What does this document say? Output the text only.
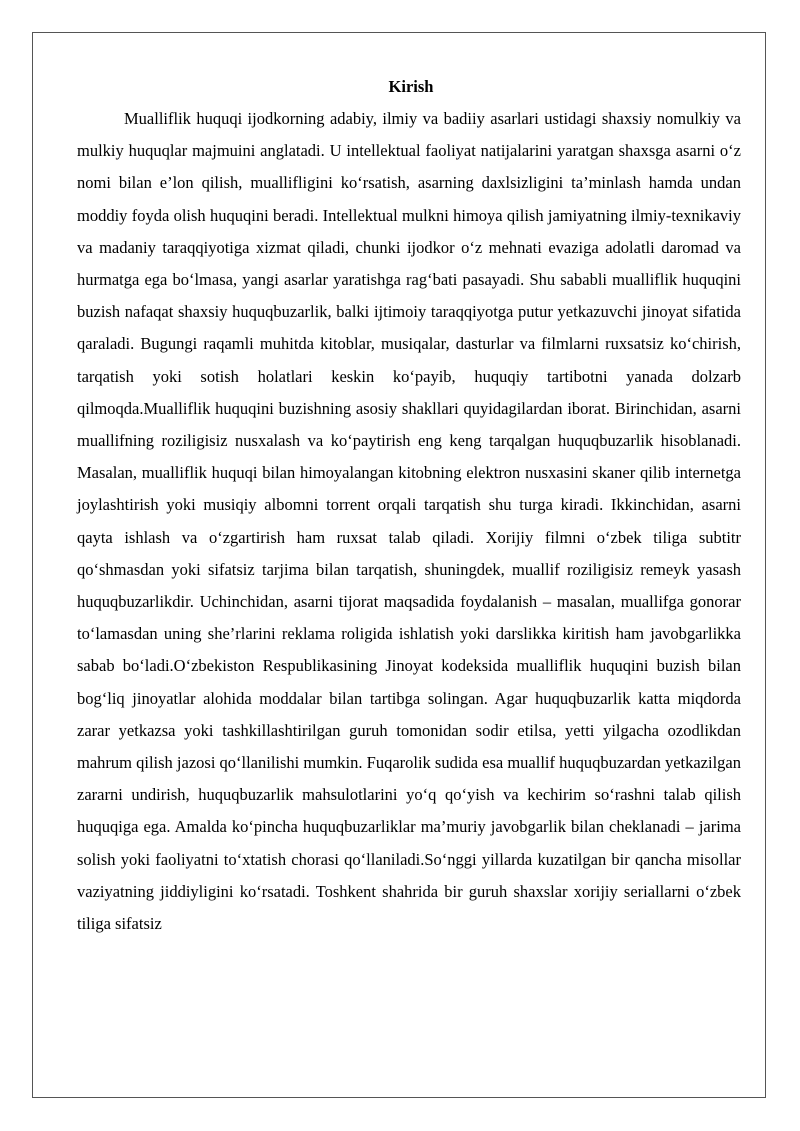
Kirish

Mualliflik huquqi ijodkorning adabiy, ilmiy va badiiy asarlari ustidagi shaxsiy nomulkiy va mulkiy huquqlar majmuini anglatadi. U intellektual faoliyat natijalarini yaratgan shaxsga asarni o‘z nomi bilan e’lon qilish, muallifligini ko‘rsatish, asarning daxlsizligini ta’minlash hamda undan moddiy foyda olish huquqini beradi. Intellektual mulkni himoya qilish jamiyatning ilmiy-texnikaviy va madaniy taraqqiyotiga xizmat qiladi, chunki ijodkor o‘z mehnati evaziga adolatli daromad va hurmatga ega bo‘lmasa, yangi asarlar yaratishga rag‘bati pasayadi. Shu sababli mualliflik huquqini buzish nafaqat shaxsiy huquqbuzarlik, balki ijtimoiy taraqqiyotga putur yetkazuvchi jinoyat sifatida qaraladi. Bugungi raqamli muhitda kitoblar, musiqalar, dasturlar va filmlarni ruxsatsiz ko‘chirish, tarqatish yoki sotish holatlari keskin ko‘payib, huquqiy tartibotni yanada dolzarb qilmoqda.Mualliflik huquqini buzishning asosiy shakllari quyidagilardan iborat. Birinchidan, asarni muallifning roziligisiz nusxalash va ko‘paytirish eng keng tarqalgan huquqbuzarlik hisoblanadi. Masalan, mualliflik huquqi bilan himoyalangan kitobning elektron nusxasini skaner qilib internetga joylashtirish yoki musiqiy albomni torrent orqali tarqatish shu turga kiradi. Ikkinchidan, asarni qayta ishlash va o‘zgartirish ham ruxsat talab qiladi. Xorijiy filmni o‘zbek tiliga subtitr qo‘shmasdan yoki sifatsiz tarjima bilan tarqatish, shuningdek, muallif roziligisiz remeyk yasash huquqbuzarlikdir. Uchinchidan, asarni tijorat maqsadida foydalanish – masalan, muallifga gonorar to‘lamasdan uning she’rlarini reklama roligida ishlatish yoki darslikka kiritish ham javobgarlikka sabab bo‘ladi.O‘zbekiston Respublikasining Jinoyat kodeksida mualliflik huquqini buzish bilan bog‘liq jinoyatlar alohida moddalar bilan tartibga solingan. Agar huquqbuzarlik katta miqdorda zarar yetkazsa yoki tashkillashtirilgan guruh tomonidan sodir etilsa, yetti yilgacha ozodlikdan mahrum qilish jazosi qo‘llanilishi mumkin. Fuqarolik sudida esa muallif huquqbuzardan yetkazilgan zararni undirish, huquqbuzarlik mahsulotlarini yo‘q qo‘yish va kechirim so‘rashni talab qilish huquqiga ega. Amalda ko‘pincha huquqbuzarliklar ma’muriy javobgarlik bilan cheklanadi – jarima solish yoki faoliyatni to‘xtatish chorasi qo‘llaniladi.So‘nggi yillarda kuzatilgan bir qancha misollar vaziyatning jiddiyligini ko‘rsatadi. Toshkent shahrida bir guruh shaxslar xorijiy seriallarni o‘zbek tiliga sifatsiz
